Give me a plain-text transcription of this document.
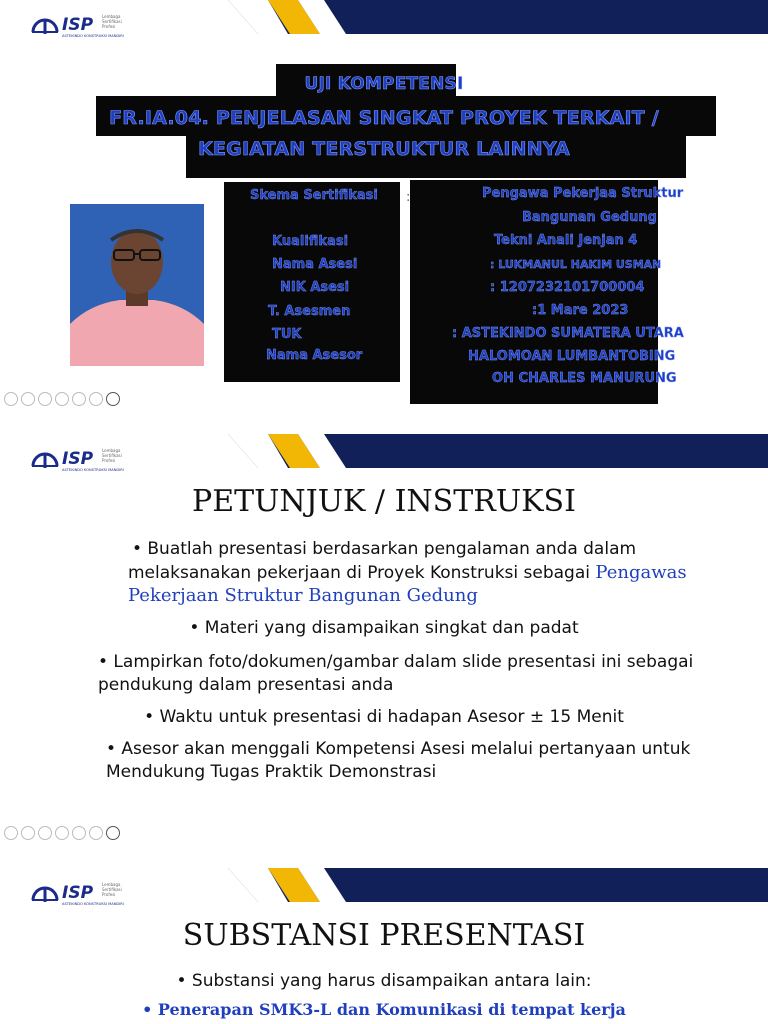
ISP Lembaga
Sertifikasi
Profesi
ASTEKINDO KONSTRUKSI MANDIRI
UJI KOMPETENSI
FR.IA.04. PENJELASAN SINGKAT PROYEK TERKAIT /
KEGIATAN TERSTRUKTUR LAINNYA
Skema Sertifikasi
Kualifikasi
Nama Asesi
NIK Asesi
T. Asesmen
TUK
Nama Asesor
:	Pengawa Pekerjaa Struktur
Bangunan Gedung
Tekni Anali Jenjan 4
: LUKMANUL HAKIM USMAN
: 1207232101700004
:1 Mare 2023
: ASTEKINDO SUMATERA UTARA
HALOMOAN LUMBANTOBING
OH CHARLES MANURUNG
ISP Lembaga
Sertifikasi
Profesi
ASTEKINDO KONSTRUKSI MANDIRI
PETUNJUK / INSTRUKSI
• Buatlah presentasi berdasarkan pengalaman anda dalam
melaksanakan pekerjaan di Proyek Konstruksi sebagai Pengawas
Pekerjaan Struktur Bangunan Gedung
• Materi yang disampaikan singkat dan padat
• Lampirkan foto/dokumen/gambar dalam slide presentasi ini sebagai
pendukung dalam presentasi anda
• Waktu untuk presentasi di hadapan Asesor ± 15 Menit
• Asesor akan menggali Kompetensi Asesi melalui pertanyaan untuk
Mendukung Tugas Praktik Demonstrasi
ISP Lembaga
Sertifikasi
Profesi
ASTEKINDO KONSTRUKSI MANDIRI
SUBSTANSI PRESENTASI
• Substansi yang harus disampaikan antara lain:
• Penerapan SMK3-L dan Komunikasi di tempat kerja
